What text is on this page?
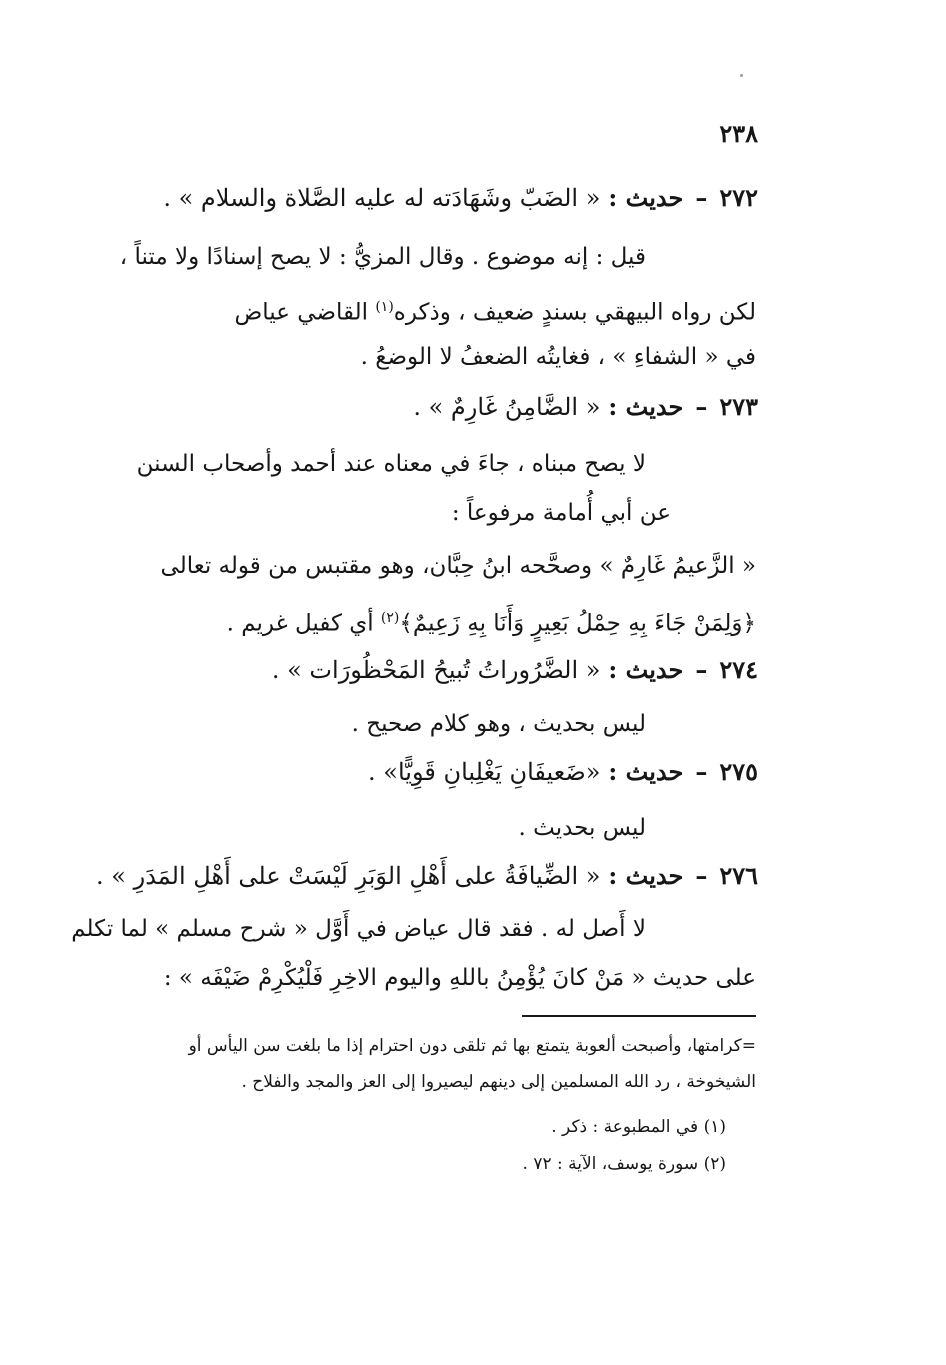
٢٣٨
٢٧٢–حديث :« الضَبّ وشَهَادَته له عليه الصَّلاة والسلام » .
قيل : إنه موضوع . وقال المزيُّ : لا يصح إسنادًا ولا متناً ،
لكن رواه البيهقي بسندٍ ضعيف ، وذكره$^{(١)}$ القاضي عياض
في « الشفاءِ » ، فغايتُه الضعفُ لا الوضعُ .
٢٧٣–حديث :« الضَّامِنُ غَارِمٌ » .
لا يصح مبناه ، جاءَ في معناه عند أحمد وأصحاب السنن
عن أبي أُمامة مرفوعاً :
« الزَّعيمُ غَارِمٌ » وصحَّحه ابنُ حِبَّان، وهو مقتبس من قوله تعالى
﴿وَلِمَنْ جَاءَ بِهِ حِمْلُ بَعِيرٍ وَأَنَا بِهِ زَعِيمٌ﴾$^{(٢)}$ أي كفيل غريم .
٢٧٤–حديث :« الضَّرُوراتُ تُبيحُ المَحْظُورَات » .
ليس بحديث ، وهو كلام صحيح .
٢٧٥–حديث :«ضَعيفَانِ يَغْلِبانِ قَوِيًّا» .
ليس بحديث .
٢٧٦–حديث :« الضِّيافَةُ على أَهْلِ الوَبَرِ لَيْسَتْ على أَهْلِ المَدَرِ » .
لا أَصل له . فقد قال عياض في أَوَّل « شرح مسلم » لما تكلم
على حديث « مَنْ كانَ يُؤْمِنُ باللهِ واليوم الاخِرِ فَلْيُكْرِمْ ضَيْفَه » :
=كرامتها، وأصبحت ألعوبة يتمتع بها ثم تلقى دون احترام إذا ما بلغت سن اليأس أو
الشيخوخة ، رد الله المسلمين إلى دينهم ليصيروا إلى العز والمجد والفلاح .
(١) في المطبوعة : ذكر .
(٢) سورة يوسف، الآية : ٧٢ .
